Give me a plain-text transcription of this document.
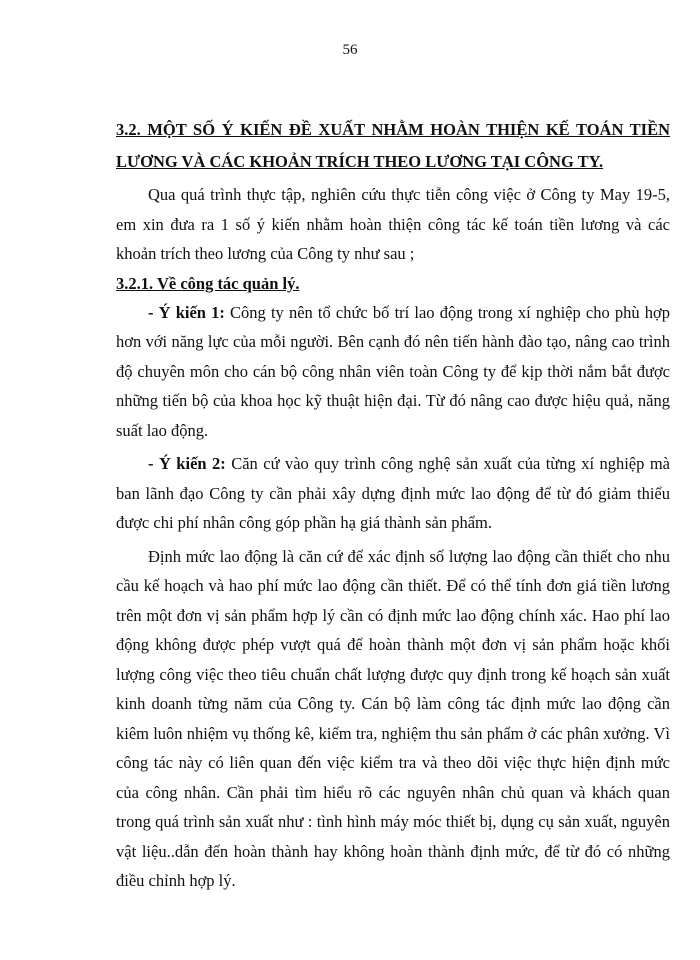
56
3.2. MỘT SỐ Ý KIẾN ĐỀ XUẤT NHẰM HOÀN THIỆN KẾ TOÁN TIỀN
LƯƠNG VÀ CÁC KHOẢN TRÍCH THEO LƯƠNG TẠI CÔNG TY.

Qua quá trình thực tập, nghiên cứu thực tiễn công việc ở Công ty May 19-5, em xin đưa ra 1 số ý kiến nhằm hoàn thiện công tác kế toán tiền lương và các khoản trích theo lương của Công ty như sau ;

3.2.1. Về công tác quản lý.

- Ý kiến 1: Công ty nên tổ chức bố trí lao động trong xí nghiệp cho phù hợp hơn với năng lực của mỗi người. Bên cạnh đó nên tiến hành đào tạo, nâng cao trình độ chuyên môn cho cán bộ công nhân viên toàn Công ty để kịp thời nắm bắt được những tiến bộ của khoa học kỹ thuật hiện đại. Từ đó nâng cao được hiệu quả, năng suất lao động.

- Ý kiến 2: Căn cứ vào quy trình công nghệ sản xuất của từng xí nghiệp mà ban lãnh đạo Công ty cần phải xây dựng định mức lao động để từ đó giảm thiểu được chi phí nhân công góp phần hạ giá thành sản phẩm.

Định mức lao động là căn cứ để xác định số lượng lao động cần thiết cho nhu cầu kế hoạch và hao phí mức lao động cần thiết. Để có thể tính đơn giá tiền lương trên một đơn vị sản phẩm hợp lý cần có định mức lao động chính xác. Hao phí lao động không được phép vượt quá để hoàn thành một đơn vị sản phẩm hoặc khối lượng công việc theo tiêu chuẩn chất lượng được quy định trong kế hoạch sản xuất kinh doanh từng năm của Công ty. Cán bộ làm công tác định mức lao động cần kiêm luôn nhiệm vụ thống kê, kiểm tra, nghiệm thu sản phẩm ở các phân xưởng. Vì công tác này có liên quan đến việc kiểm tra và theo dõi việc thực hiện định mức của công nhân. Cần phải tìm hiểu rõ các nguyên nhân chủ quan và khách quan trong quá trình sản xuất như : tình hình máy móc thiết bị, dụng cụ sản xuất, nguyên vật liệu..dẫn đến hoàn thành hay không hoàn thành định mức, để từ đó có những điều chỉnh hợp lý.
